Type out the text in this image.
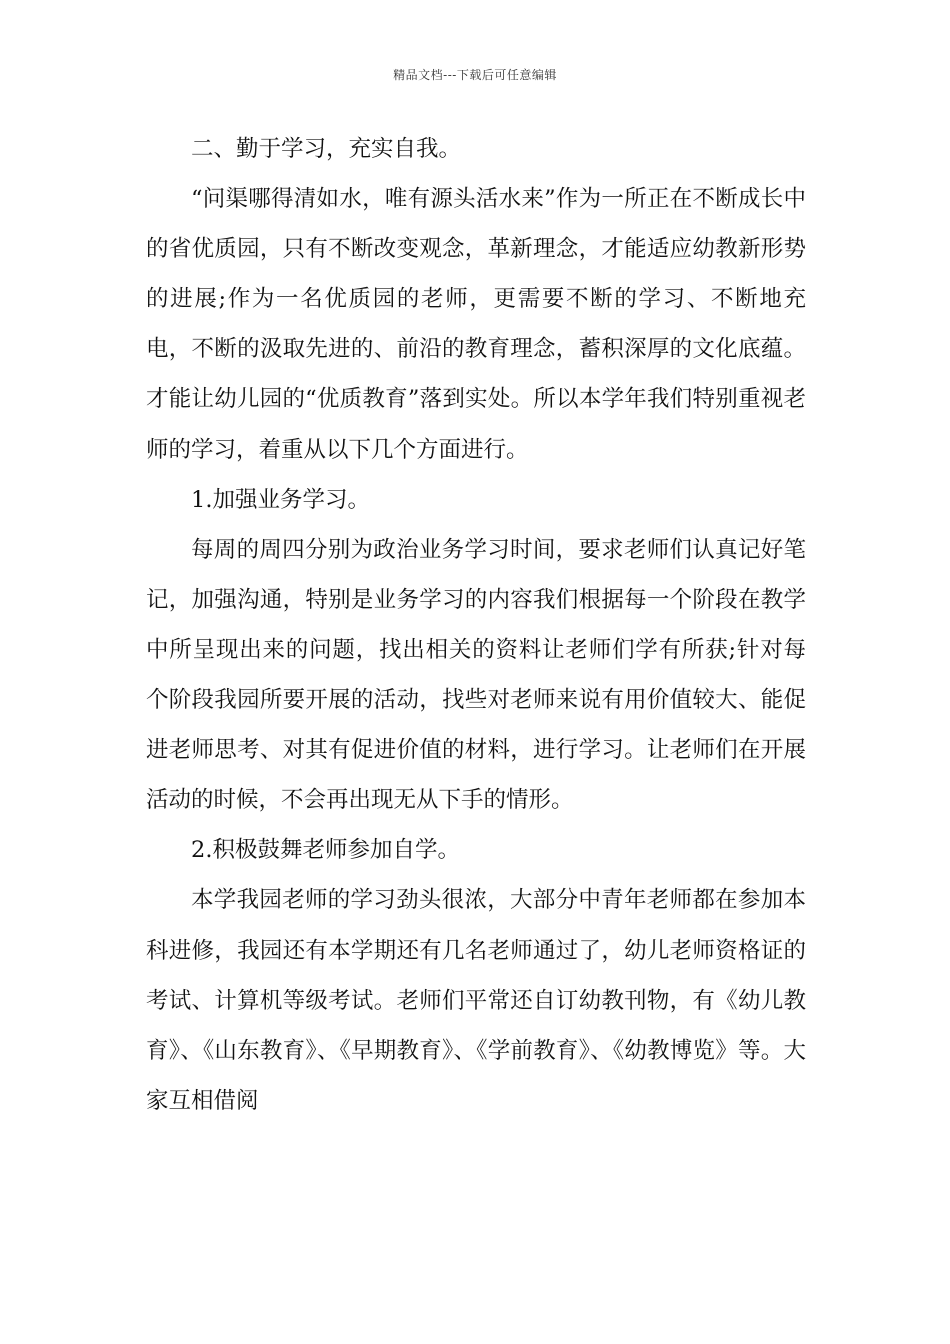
精品文档---下载后可任意编辑

二、勤于学习，充实自我。

“问渠哪得清如水，唯有源头活水来”作为一所正在不断成长中的省优质园，只有不断改变观念，革新理念，才能适应幼教新形势的进展;作为一名优质园的老师，更需要不断的学习、不断地充电，不断的汲取先进的、前沿的教育理念，蓄积深厚的文化底蕴。才能让幼儿园的“优质教育”落到实处。所以本学年我们特别重视老师的学习，着重从以下几个方面进行。

1.加强业务学习。

每周的周四分别为政治业务学习时间，要求老师们认真记好笔记，加强沟通，特别是业务学习的内容我们根据每一个阶段在教学中所呈现出来的问题，找出相关的资料让老师们学有所获;针对每个阶段我园所要开展的活动，找些对老师来说有用价值较大、能促进老师思考、对其有促进价值的材料，进行学习。让老师们在开展活动的时候，不会再出现无从下手的情形。

2.积极鼓舞老师参加自学。

本学我园老师的学习劲头很浓，大部分中青年老师都在参加本科进修，我园还有本学期还有几名老师通过了，幼儿老师资格证的考试、计算机等级考试。老师们平常还自订幼教刊物，有《幼儿教育》、《山东教育》、《早期教育》、《学前教育》、《幼教博览》等。大家互相借阅
